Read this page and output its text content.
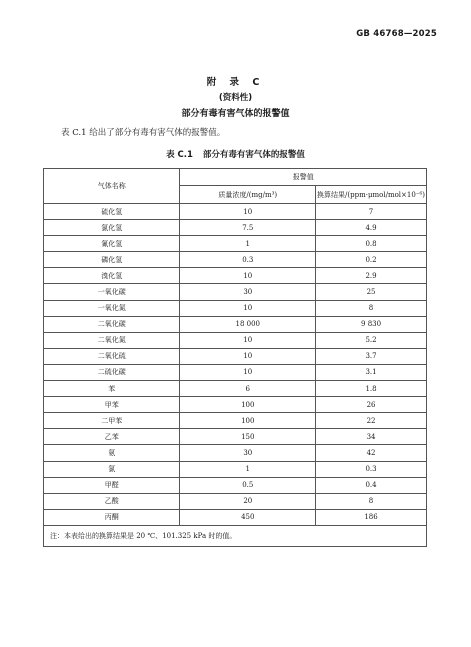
GB 46768—2025
附 录 C
(资料性)
部分有毒有害气体的报警值
表 C.1 给出了部分有毒有害气体的报警值。
表 C.1 部分有毒有害气体的报警值
气体名称	报警值	
	质量浓度/(mg/m³)	换算结果/(ppm·μmol/mol×10⁻⁶)
硫化氢	10	7
氯化氢	7.5	4.9
氰化氢	1	0.8
磷化氢	0.3	0.2
溴化氢	10	2.9
一氧化碳	30	25
一氧化氮	10	8
二氧化碳	18 000	9 830
二氧化氮	10	5.2
二氧化硫	10	3.7
二硫化碳	10	3.1
苯	6	1.8
甲苯	100	26
二甲苯	100	22
乙苯	150	34
氨	30	42
氯	1	0.3
甲醛	0.5	0.4
乙酸	20	8
丙酮	450	186
注：本表给出的换算结果是 20 ℃、101.325 kPa 时的值。		
